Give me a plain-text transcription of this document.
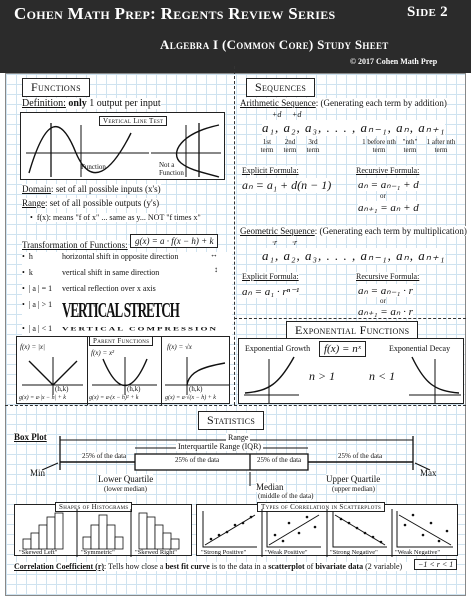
Cohen Math Prep: Regents Review Series	Side 2
Algebra I (Common Core) Study Sheet
© 2017 Cohen Math Prep
Functions
Definition: only 1 output per input
Vertical Line Test
Function	Not a Function
Domain: set of all possible inputs (x's)
Range: set of all possible outputs (y's)
•  f(x): means "f of x" ... same as y... NOT "f times x"
Transformation of Functions: g(x) = a · f(x − h) + k
•  h	horizontal shift in opposite direction	↔
•  k	vertical shift in same direction	↕
•  | a | = 1 vertical reflection over x axis
•  | a | > 1 VERTICAL STRETCH
•  | a | < 1 VERTICAL COMPRESSION
Parent Functions
f(x) = |x|
f(x) = x²
f(x) = √x
(h,k)	(h,k)	(h,k)
g(x) = a·|x − h| + k	g(x) = a·(x − h)² + k	g(x) = a·√(x − h) + k
Sequences
Arithmetic Sequence: (Generating each term by addition)
+d +d
a₁, a₂, a₃, . . . , aₙ₋₁, aₙ, aₙ₊₁
1st term
2nd term
3rd term
1 before nth term
"nth" term
1 after nth term
Explicit Formula:	Recursive Formula:
aₙ = a₁ + d(n − 1) aₙ = aₙ₋₁ + d
or
aₙ₊₁ = aₙ + d
Geometric Sequence: (Generating each term by multiplication)
·r ·r
a₁, a₂, a₃, . . . , aₙ₋₁, aₙ, aₙ₊₁
Explicit Formula:	Recursive Formula:
aₙ = a₁ · rⁿ⁻¹	aₙ = aₙ₋₁ · r
or
aₙ₊₁ = aₙ · r
Exponential Functions
Exponential Growth	f(x) = nˣ	Exponential Decay
n > 1	n < 1
Statistics
Box Plot	Range
Interquartile Range (IQR)
25% of the data	25% of the data	25% of the data	25% of the data
Min	Max
Lower Quartile
(lower median)
Upper Quartile
(upper median)
Median
(middle of the data)
Shapes of Histograms
"Skewed Left"	"Symmetric"	"Skewed Right"
Types of Correlation in Scatterplots
"Strong Positive"	"Weak Positive"	"Strong Negative"	"Weak Negative"
Correlation Coefficient (r): Tells how close a best fit curve is to the data in a scatterplot of bivariate data (2 variable)	−1 < r < 1
